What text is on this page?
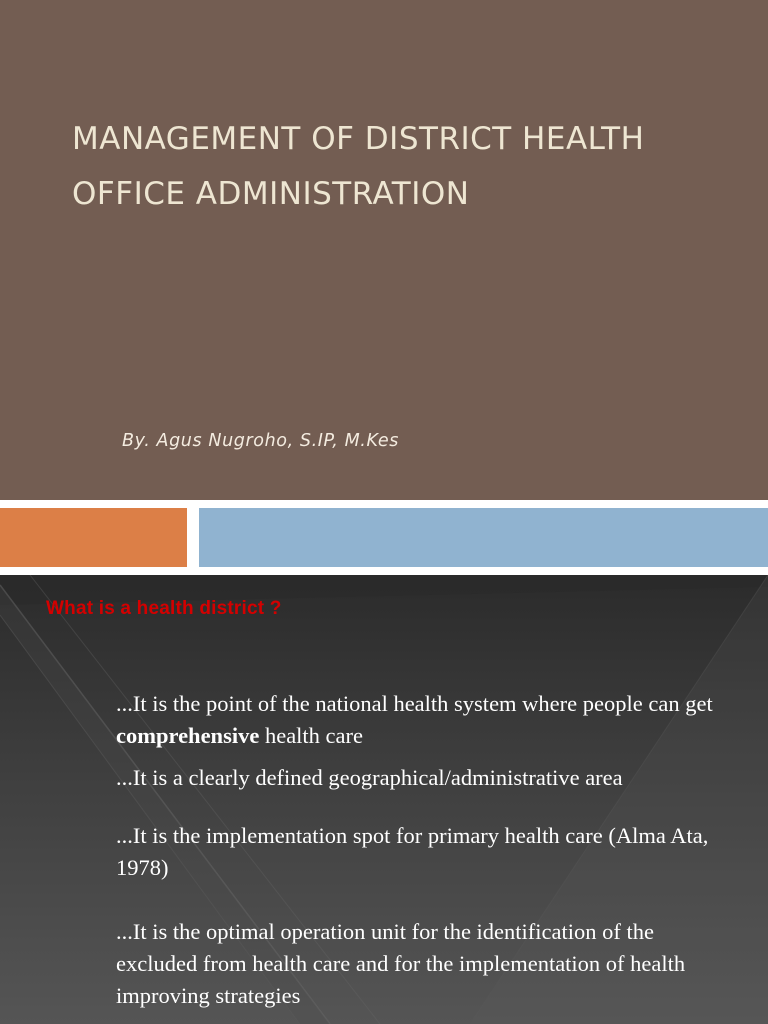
MANAGEMENT OF DISTRICT HEALTH OFFICE ADMINISTRATION

By. Agus Nugroho, S.IP, M.Kes

What is a health district ?
...It is the point of the national health system where people can get comprehensive health care
...It is a clearly defined geographical/administrative area
...It is the implementation spot for primary health care (Alma Ata, 1978)
...It is the optimal operation unit for the identification of the excluded from health care and for the implementation of health improving strategies
